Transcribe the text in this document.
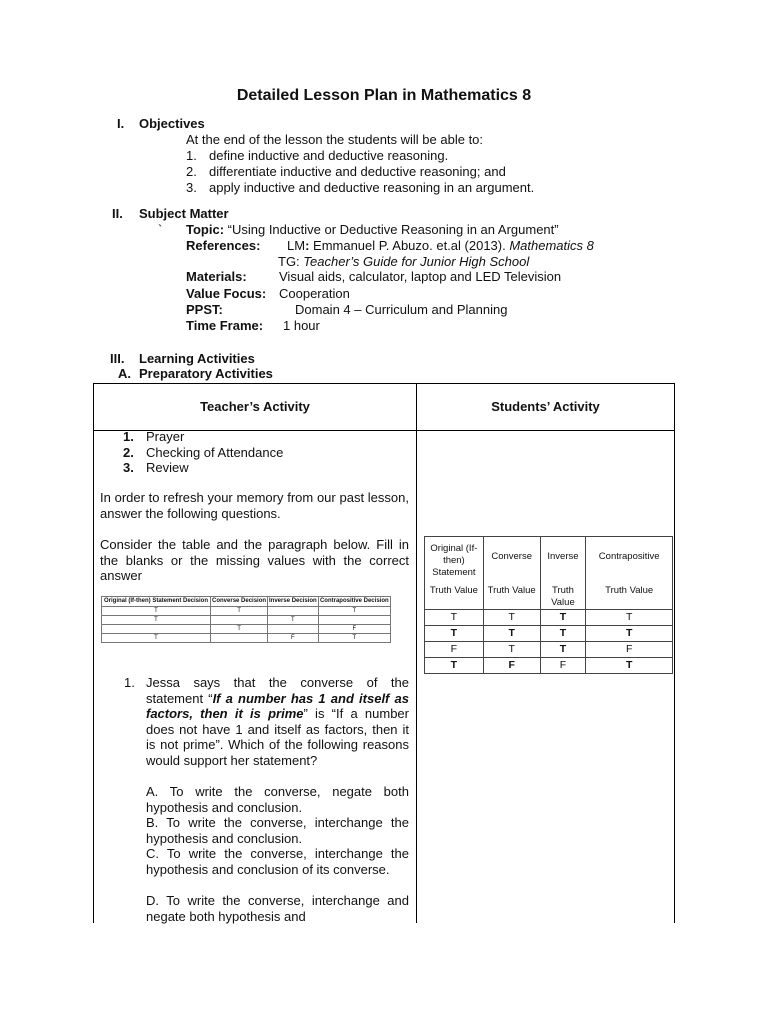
Detailed Lesson Plan in Mathematics 8
I. Objectives
At the end of the lesson the students will be able to:
1. define inductive and deductive reasoning.
2. differentiate inductive and deductive reasoning; and
3. apply inductive and deductive reasoning in an argument.
II. Subject Matter
` Topic: “Using Inductive or Deductive Reasoning in an Argument”
References: LM: Emmanuel P. Abuzo. et.al (2013). Mathematics 8
TG: Teacher’s Guide for Junior High School
Materials: Visual aids, calculator, laptop and LED Television
Value Focus: Cooperation
PPST:	Domain 4 – Curriculum and Planning
Time Frame: 1 hour
III. Learning Activities
A. Preparatory Activities
Teacher’s Activity	Students’ Activity
1. Prayer
2. Checking of Attendance
3. Review
In order to refresh your memory from our past lesson, answer the following questions.
Consider the table and the paragraph below. Fill in the blanks or the missing values with the correct answer
Original (If-then) Statement Decision	Converse Decision	Inverse Decision	Contrapositive Decision
T	T		T
T		T	
	T		F
T		F	T
1. Jessa says that the converse of the statement “If a number has 1 and itself as factors, then it is prime” is “If a number does not have 1 and itself as factors, then it is not prime”. Which of the following reasons would support her statement?
A. To write the converse, negate both hypothesis and conclusion.
B. To write the converse, interchange the hypothesis and conclusion.
C. To write the converse, interchange the hypothesis and conclusion of its converse.
D. To write the converse, interchange and negate both hypothesis and
Original (If-then) Statement	Converse	Inverse	Contrapositive
Truth Value	Truth Value	Truth Value	Truth Value
T	T	T	T
T	T	T	T
F	T	T	F
T	F	F	T
